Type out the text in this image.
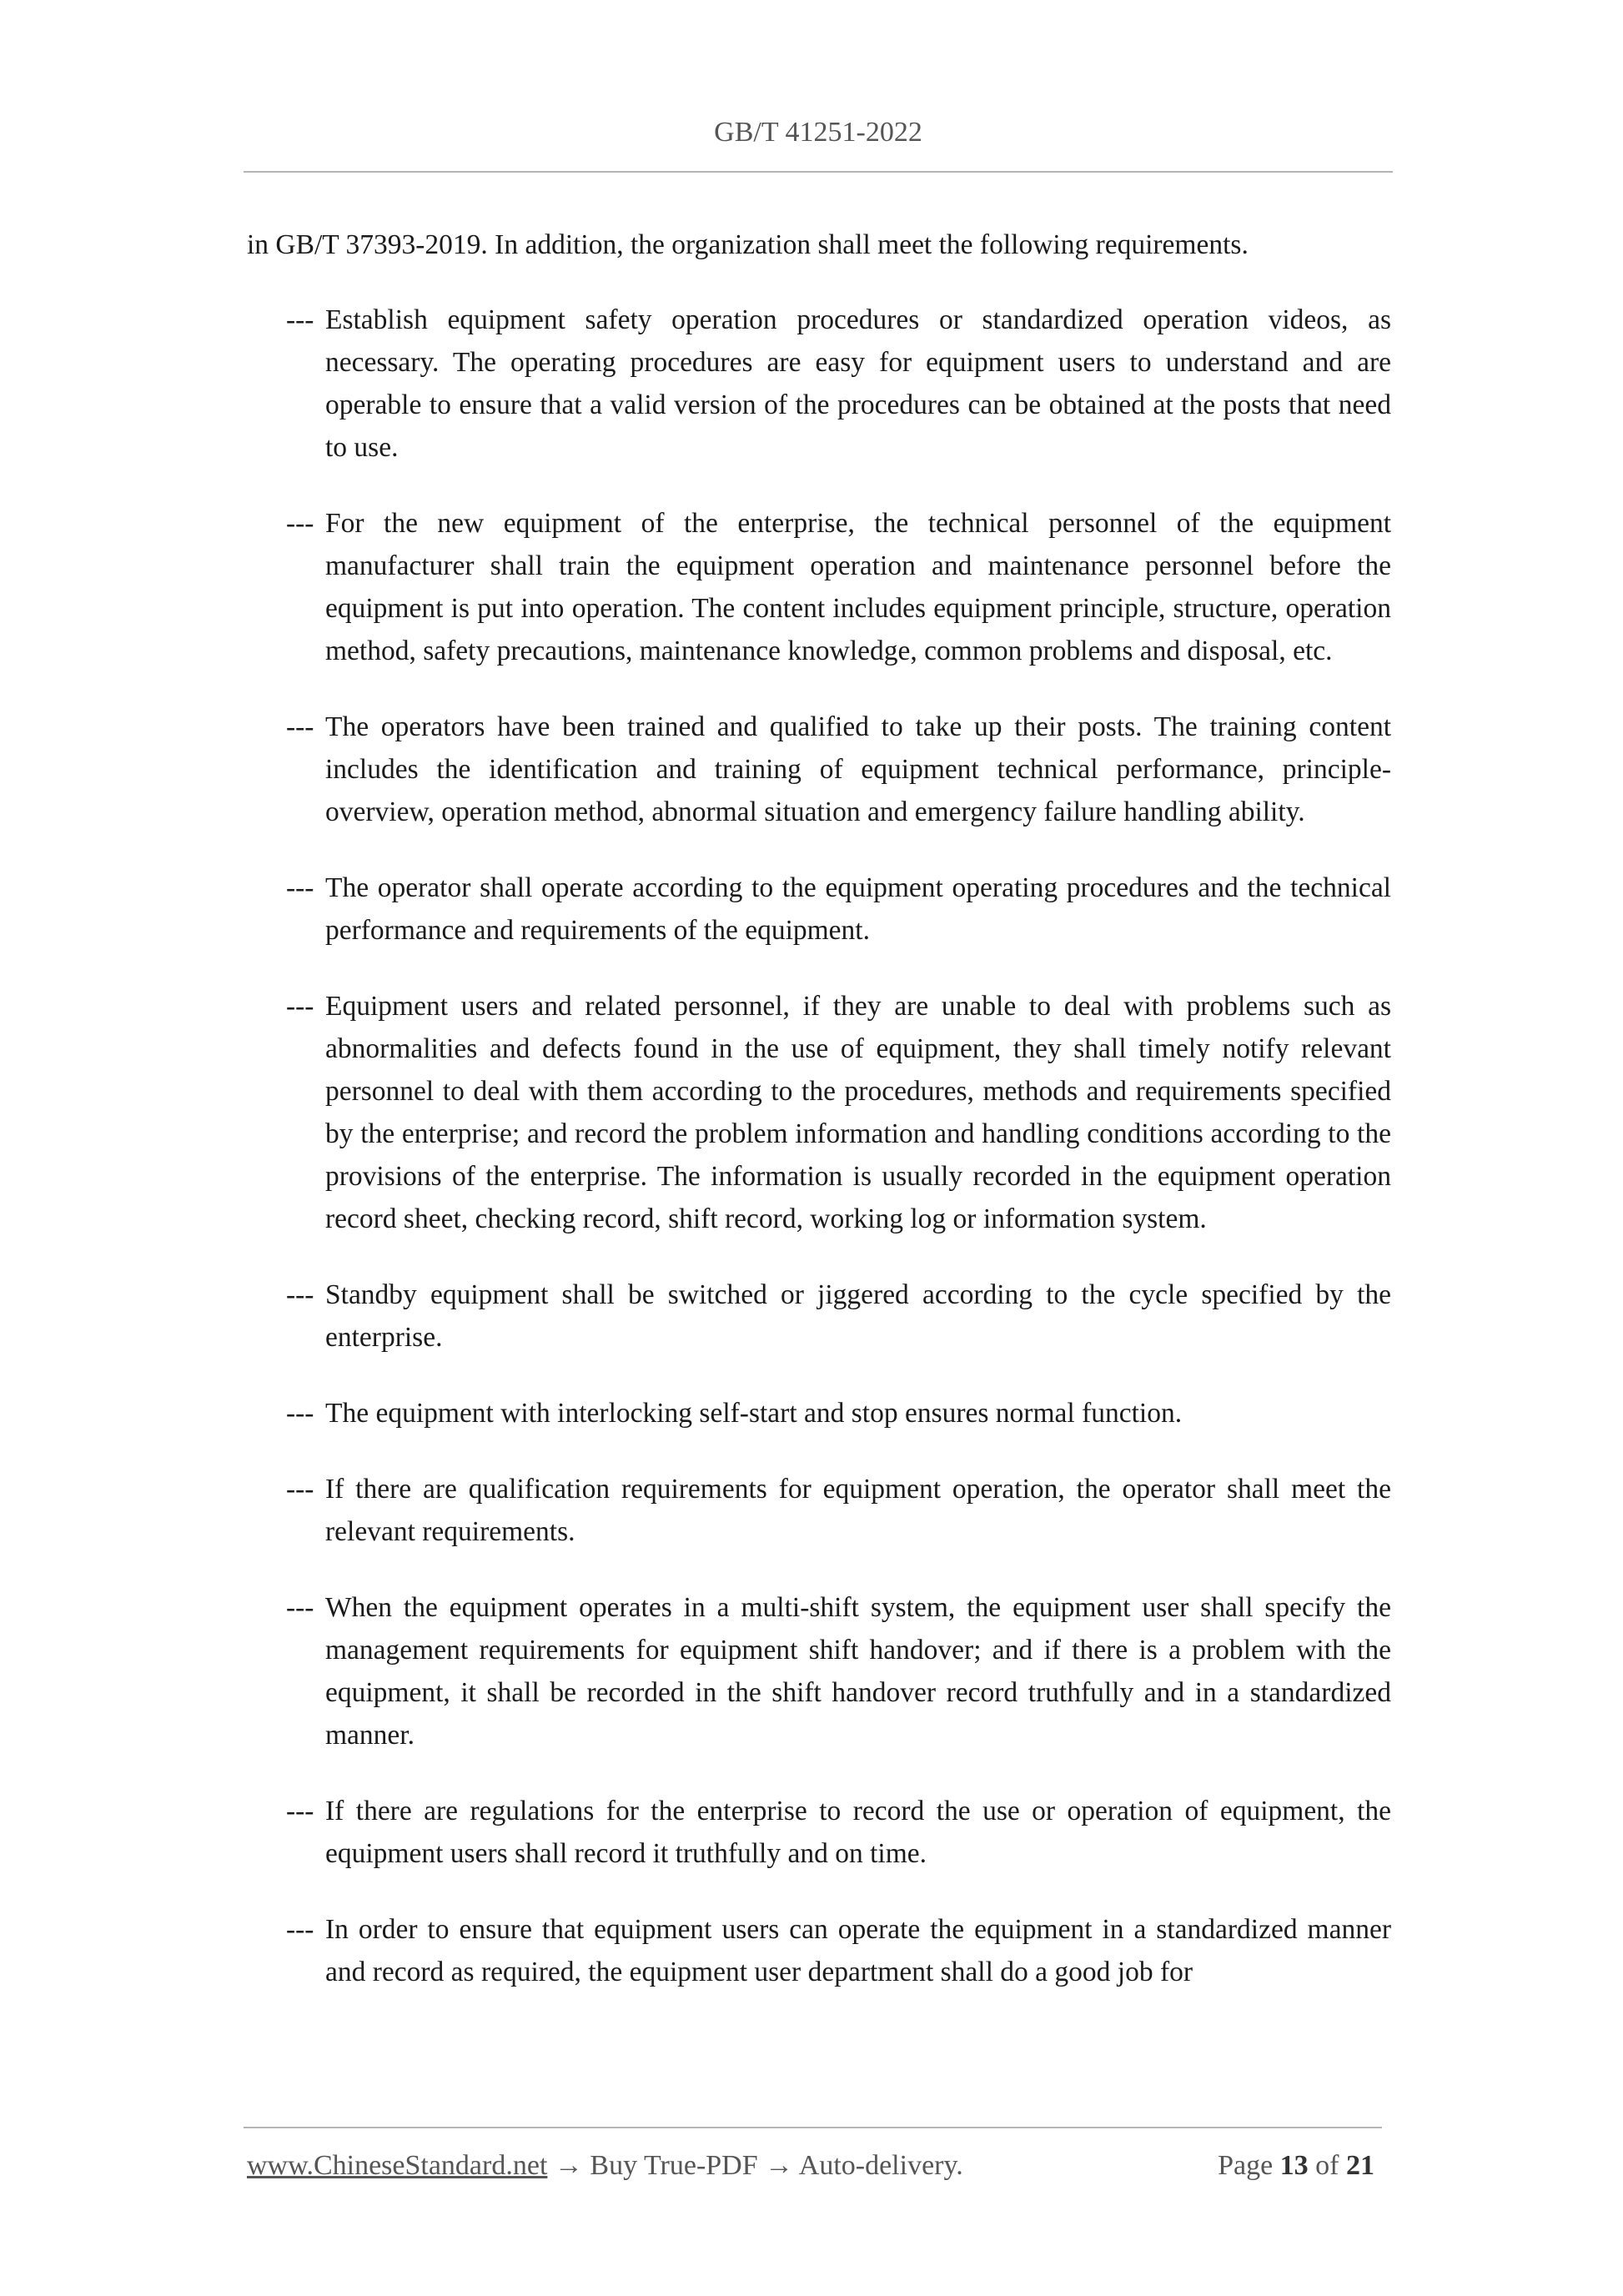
GB/T 41251-2022

in GB/T 37393-2019. In addition, the organization shall meet the following requirements.

--- Establish equipment safety operation procedures or standardized operation videos, as necessary. The operating procedures are easy for equipment users to understand and are operable to ensure that a valid version of the procedures can be obtained at the posts that need to use.
--- For the new equipment of the enterprise, the technical personnel of the equipment manufacturer shall train the equipment operation and maintenance personnel before the equipment is put into operation. The content includes equipment principle, structure, operation method, safety precautions, maintenance knowledge, common problems and disposal, etc.
--- The operators have been trained and qualified to take up their posts. The training content includes the identification and training of equipment technical performance, principle-overview, operation method, abnormal situation and emergency failure handling ability.
--- The operator shall operate according to the equipment operating procedures and the technical performance and requirements of the equipment.
--- Equipment users and related personnel, if they are unable to deal with problems such as abnormalities and defects found in the use of equipment, they shall timely notify relevant personnel to deal with them according to the procedures, methods and requirements specified by the enterprise; and record the problem information and handling conditions according to the provisions of the enterprise. The information is usually recorded in the equipment operation record sheet, checking record, shift record, working log or information system.
--- Standby equipment shall be switched or jiggered according to the cycle specified by the enterprise.
--- The equipment with interlocking self-start and stop ensures normal function.
--- If there are qualification requirements for equipment operation, the operator shall meet the relevant requirements.
--- When the equipment operates in a multi-shift system, the equipment user shall specify the management requirements for equipment shift handover; and if there is a problem with the equipment, it shall be recorded in the shift handover record truthfully and in a standardized manner.
--- If there are regulations for the enterprise to record the use or operation of equipment, the equipment users shall record it truthfully and on time.
--- In order to ensure that equipment users can operate the equipment in a standardized manner and record as required, the equipment user department shall do a good job for
www.ChineseStandard.net → Buy True-PDF → Auto-delivery.	Page 13 of 21
